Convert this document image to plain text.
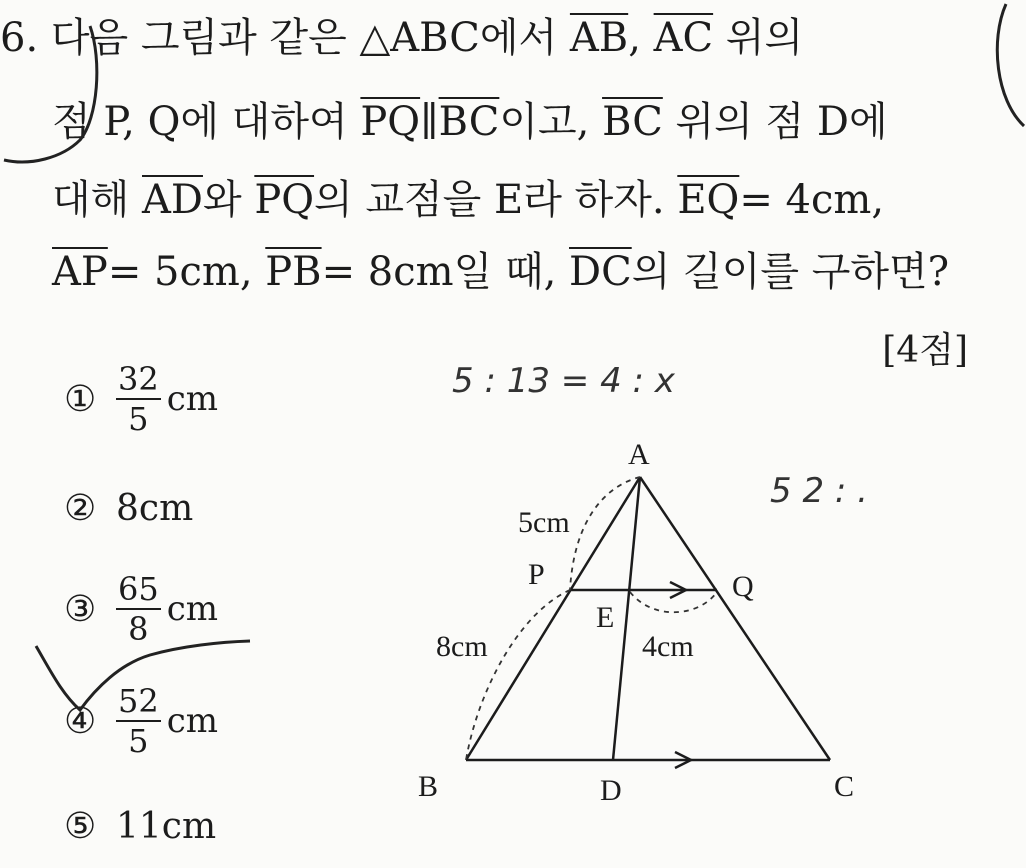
6. 다음 그림과 같은 △ABC에서 $\overline{AB}$, $\overline{AC}$ 위의
점 P, Q에 대하여 $\overline{PQ}\parallel\overline{BC}$이고, $\overline{BC}$ 위의 점 D에
대해 $\overline{AD}$와 $\overline{PQ}$의 교점을 E라 하자. $\overline{EQ}= 4cm$,
$\overline{AP}= 5cm$, $\overline{PB}= 8cm$일 때, $\overline{DC}$의 길이를 구하면?
[4점]
① $\frac{32}{5}$ cm
② 8cm
③ $\frac{65}{8}$ cm
④ $\frac{52}{5}$ cm
⑤ 11cm
5 : 13 = 4 : x
5 2 : .
A
B	C
D
E
P	Q
5cm
8cm	4cm
